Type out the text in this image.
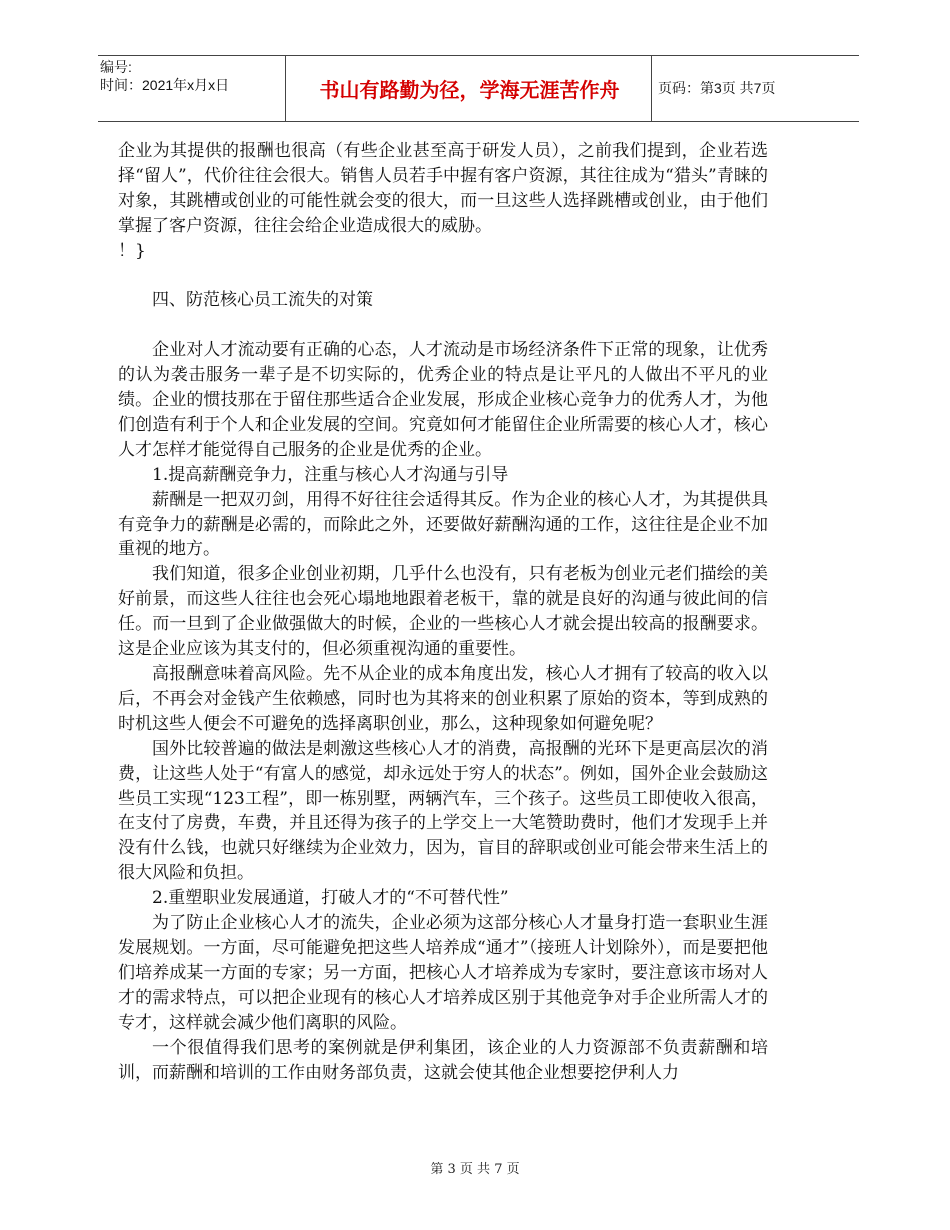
编号:
时间：2021年x月x日	书山有路勤为径，学海无涯苦作舟	页码：第3页 共7页

企业为其提供的报酬也很高（有些企业甚至高于研发人员），之前我们提到，企业若选择“留人”，代价往往会很大。销售人员若手中握有客户资源，其往往成为“猎头”青睐的对象，其跳槽或创业的可能性就会变的很大，而一旦这些人选择跳槽或创业，由于他们掌握了客户资源，往往会给企业造成很大的威胁。

！}

四、防范核心员工流失的对策

企业对人才流动要有正确的心态，人才流动是市场经济条件下正常的现象，让优秀的认为袭击服务一辈子是不切实际的，优秀企业的特点是让平凡的人做出不平凡的业绩。企业的惯技那在于留住那些适合企业发展，形成企业核心竞争力的优秀人才，为他们创造有利于个人和企业发展的空间。究竟如何才能留住企业所需要的核心人才，核心人才怎样才能觉得自己服务的企业是优秀的企业。

1.提高薪酬竞争力，注重与核心人才沟通与引导

薪酬是一把双刃剑，用得不好往往会适得其反。作为企业的核心人才，为其提供具有竞争力的薪酬是必需的，而除此之外，还要做好薪酬沟通的工作，这往往是企业不加重视的地方。

我们知道，很多企业创业初期，几乎什么也没有，只有老板为创业元老们描绘的美好前景，而这些人往往也会死心塌地地跟着老板干，靠的就是良好的沟通与彼此间的信任。而一旦到了企业做强做大的时候，企业的一些核心人才就会提出较高的报酬要求。这是企业应该为其支付的，但必须重视沟通的重要性。

高报酬意味着高风险。先不从企业的成本角度出发，核心人才拥有了较高的收入以后，不再会对金钱产生依赖感，同时也为其将来的创业积累了原始的资本，等到成熟的时机这些人便会不可避免的选择离职创业，那么，这种现象如何避免呢？

国外比较普遍的做法是刺激这些核心人才的消费，高报酬的光环下是更高层次的消费，让这些人处于“有富人的感觉，却永远处于穷人的状态”。例如，国外企业会鼓励这些员工实现“123工程”，即一栋别墅，两辆汽车，三个孩子。这些员工即使收入很高，在支付了房费，车费，并且还得为孩子的上学交上一大笔赞助费时，他们才发现手上并没有什么钱，也就只好继续为企业效力，因为，盲目的辞职或创业可能会带来生活上的很大风险和负担。

2.重塑职业发展通道，打破人才的“不可替代性”

为了防止企业核心人才的流失，企业必须为这部分核心人才量身打造一套职业生涯发展规划。一方面，尽可能避免把这些人培养成“通才”（接班人计划除外），而是要把他们培养成某一方面的专家；另一方面，把核心人才培养成为专家时，要注意该市场对人才的需求特点，可以把企业现有的核心人才培养成区别于其他竞争对手企业所需人才的专才，这样就会减少他们离职的风险。

一个很值得我们思考的案例就是伊利集团，该企业的人力资源部不负责薪酬和培训，而薪酬和培训的工作由财务部负责，这就会使其他企业想要挖伊利人力

第 3 页 共 7 页
